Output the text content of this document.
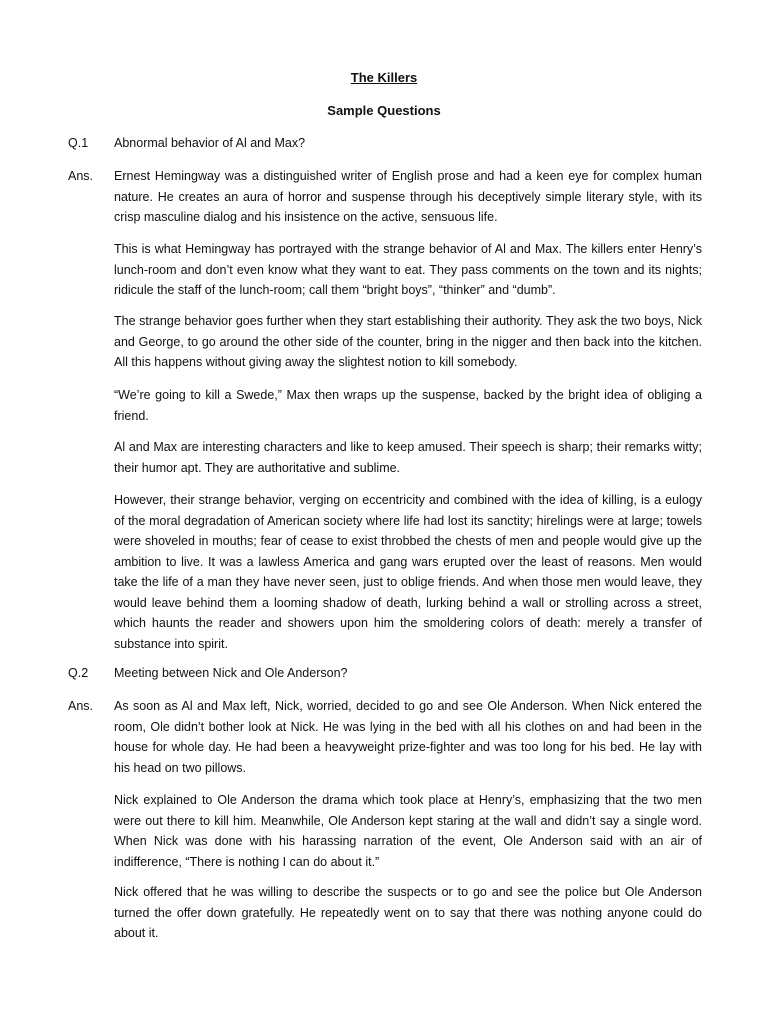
The Killers
Sample Questions
Q.1 Abnormal behavior of Al and Max?
Ans. Ernest Hemingway was a distinguished writer of English prose and had a keen eye for complex human nature. He creates an aura of horror and suspense through his deceptively simple literary style, with its crisp masculine dialog and his insistence on the active, sensuous life.
This is what Hemingway has portrayed with the strange behavior of Al and Max. The killers enter Henry’s lunch-room and don’t even know what they want to eat. They pass comments on the town and its nights; ridicule the staff of the lunch-room; call them “bright boys”, “thinker” and “dumb”.
The strange behavior goes further when they start establishing their authority. They ask the two boys, Nick and George, to go around the other side of the counter, bring in the nigger and then back into the kitchen. All this happens without giving away the slightest notion to kill somebody.
“We’re going to kill a Swede,” Max then wraps up the suspense, backed by the bright idea of obliging a friend.
Al and Max are interesting characters and like to keep amused. Their speech is sharp; their remarks witty; their humor apt. They are authoritative and sublime.
However, their strange behavior, verging on eccentricity and combined with the idea of killing, is a eulogy of the moral degradation of American society where life had lost its sanctity; hirelings were at large; towels were shoveled in mouths; fear of cease to exist throbbed the chests of men and people would give up the ambition to live. It was a lawless America and gang wars erupted over the least of reasons. Men would take the life of a man they have never seen, just to oblige friends. And when those men would leave, they would leave behind them a looming shadow of death, lurking behind a wall or strolling across a street, which haunts the reader and showers upon him the smoldering colors of death: merely a transfer of substance into spirit.
Q.2 Meeting between Nick and Ole Anderson?
Ans. As soon as Al and Max left, Nick, worried, decided to go and see Ole Anderson. When Nick entered the room, Ole didn’t bother look at Nick. He was lying in the bed with all his clothes on and had been in the house for whole day. He had been a heavyweight prize-fighter and was too long for his bed. He lay with his head on two pillows.
Nick explained to Ole Anderson the drama which took place at Henry’s, emphasizing that the two men were out there to kill him. Meanwhile, Ole Anderson kept staring at the wall and didn’t say a single word. When Nick was done with his harassing narration of the event, Ole Anderson said with an air of indifference, “There is nothing I can do about it.”
Nick offered that he was willing to describe the suspects or to go and see the police but Ole Anderson turned the offer down gratefully. He repeatedly went on to say that there was nothing anyone could do about it.
